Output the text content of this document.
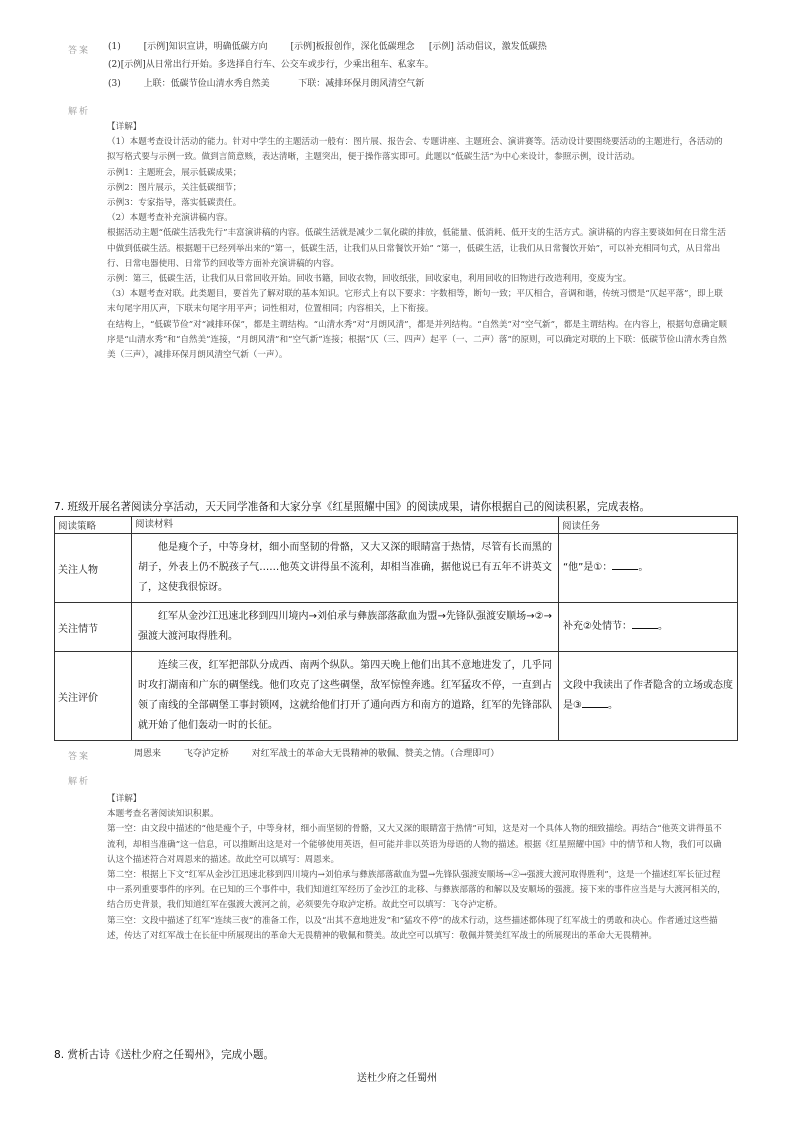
答案 (1)        [示例]知识宣讲，明确低碳方向        [示例]板报创作，深化低碳理念     [示例] 活动倡议，激发低碳热
(2)[示例]从日常出行开始。多选择自行车、公交车或步行，少乘出租车、私家车。
(3)        上联：低碳节俭山清水秀自然美          下联：减排环保月朗风清空气新
解析

【详解】

（1）本题考查设计活动的能力。针对中学生的主题活动一般有：图片展、报告会、专题讲座、主题班会、演讲赛等。活动设计要围绕要活动的主题进行，各活动的拟写格式要与示例一致。做到言简意赅，表达清晰，主题突出，便于操作落实即可。此题以“低碳生活”为中心来设计，参照示例，设计活动。

示例1：主题班会，展示低碳成果；

示例2：图片展示，关注低碳细节；

示例3：专家指导，落实低碳责任。

（2）本题考查补充演讲稿内容。

根据活动主题“低碳生活我先行”丰富演讲稿的内容。低碳生活就是减少二氧化碳的排放，低能量、低消耗、低开支的生活方式。演讲稿的内容主要谈如何在日常生活中做到低碳生活。根据题干已经列举出来的“第一，低碳生活，让我们从日常餐饮开始” “第一，低碳生活，让我们从日常餐饮开始”，可以补充相同句式，从日常出行、日常电器使用、日常节约回收等方面补充演讲稿的内容。

示例：第三，低碳生活，让我们从日常回收开始。回收书籍，回收衣物，回收纸张，回收家电，利用回收的旧物进行改造利用，变废为宝。

（3）本题考查对联。此类题目，要首先了解对联的基本知识。它形式上有以下要求：字数相等，断句一致；平仄相合，音调和谐，传统习惯是“仄起平落”，即上联末句尾字用仄声，下联末句尾字用平声；词性相对，位置相同；内容相关，上下衔接。

在结构上，“低碳节俭”对“减排环保”，都是主谓结构。“山清水秀”对“月朗风清”，都是并列结构。“自然美”对“空气新”，都是主谓结构。在内容上，根据句意确定顺序是“山清水秀”和“自然美”连接，“月朗风清”和“空气新”连接；根据“仄（三、四声）起平（一、二声）落”的原则，可以确定对联的上下联：低碳节俭山清水秀自然美（三声），减排环保月朗风清空气新（一声）。

7. 班级开展名著阅读分享活动，天天同学准备和大家分享《红星照耀中国》的阅读成果，请你根据自己的阅读积累，完成表格。
阅读策略	阅读材料	阅读任务
关注人物	他是瘦个子，中等身材，细小而坚韧的骨骼，又大又深的眼睛富于热情，尽管有长而黑的胡子，外表上仍不脱孩子气……他英文讲得虽不流利，却相当准确，据他说已有五年不讲英文了，这使我很惊讶。	“他”是①： 。
关注情节	红军从金沙江迅速北移到四川境内→刘伯承与彝族部落歃血为盟→先锋队强渡安顺场→②→强渡大渡河取得胜利。	补充②处情节： 。
关注评价	连续三夜，红军把部队分成西、南两个纵队。第四天晚上他们出其不意地进发了，几乎同时攻打湖南和广东的碉堡线。他们攻克了这些碉堡，敌军惊惶奔逃。红军猛攻不停，一直到占领了南线的全部碉堡工事封锁网，这就给他们打开了通向西方和南方的道路，红军的先锋部队就开始了他们轰动一时的长征。	文段中我读出了作者隐含的立场或态度是③ 。
答案	周恩来        飞夺泸定桥        对红军战士的革命大无畏精神的敬佩、赞美之情。（合理即可）
解析

【详解】

本题考查名著阅读知识积累。

第一空：由文段中描述的“他是瘦个子，中等身材，细小而坚韧的骨骼，又大又深的眼睛富于热情”可知，这是对一个具体人物的细致描绘。再结合“他英文讲得虽不流利，却相当准确”这一信息，可以推断出这是对一个能够使用英语，但可能并非以英语为母语的人物的描述。根据《红星照耀中国》中的情节和人物，我们可以确认这个描述符合对周恩来的描述。故此空可以填写：周恩来。

第二空：根据上下文“红军从金沙江迅速北移到四川境内→刘伯承与彝族部落歃血为盟→先锋队强渡安顺场→②→强渡大渡河取得胜利”，这是一个描述红军长征过程中一系列重要事件的序列。在已知的三个事件中，我们知道红军经历了金沙江的北移、与彝族部落的和解以及安顺场的强渡。接下来的事件应当是与大渡河相关的，结合历史背景，我们知道红军在强渡大渡河之前，必须要先夺取泸定桥。故此空可以填写：飞夺泸定桥。

第三空：文段中描述了红军“连续三夜”的准备工作，以及“出其不意地进发”和“猛攻不停”的战术行动，这些描述都体现了红军战士的勇敢和决心。作者通过这些描述，传达了对红军战士在长征中所展现出的革命大无畏精神的敬佩和赞美。故此空可以填写：敬佩并赞美红军战士的所展现出的革命大无畏精神。

8. 赏析古诗《送杜少府之任蜀州》，完成小题。
送杜少府之任蜀州
